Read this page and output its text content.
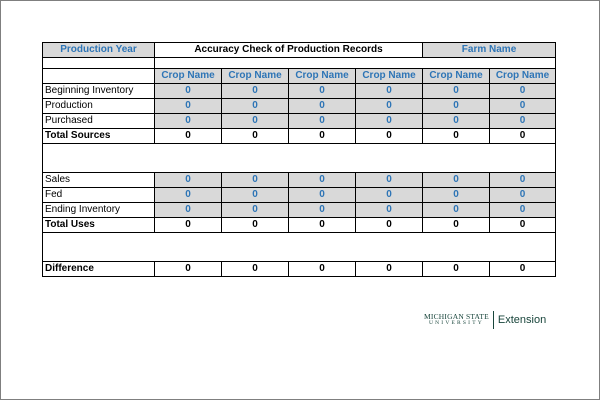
Production Year	Accuracy Check of Production Records				Farm Name	

	Crop Name	Crop Name	Crop Name	Crop Name	Crop Name	Crop Name
Beginning Inventory	0	0	0	0	0	0
Production	0	0	0	0	0	0
Purchased	0	0	0	0	0	0
Total Sources	0	0	0	0	0	0

Sales	0	0	0	0	0	0
Fed	0	0	0	0	0	0
Ending Inventory	0	0	0	0	0	0
Total Uses	0	0	0	0	0	0

Difference	0	0	0	0	0	0
MICHIGAN STATE
UNIVERSITY	Extension
